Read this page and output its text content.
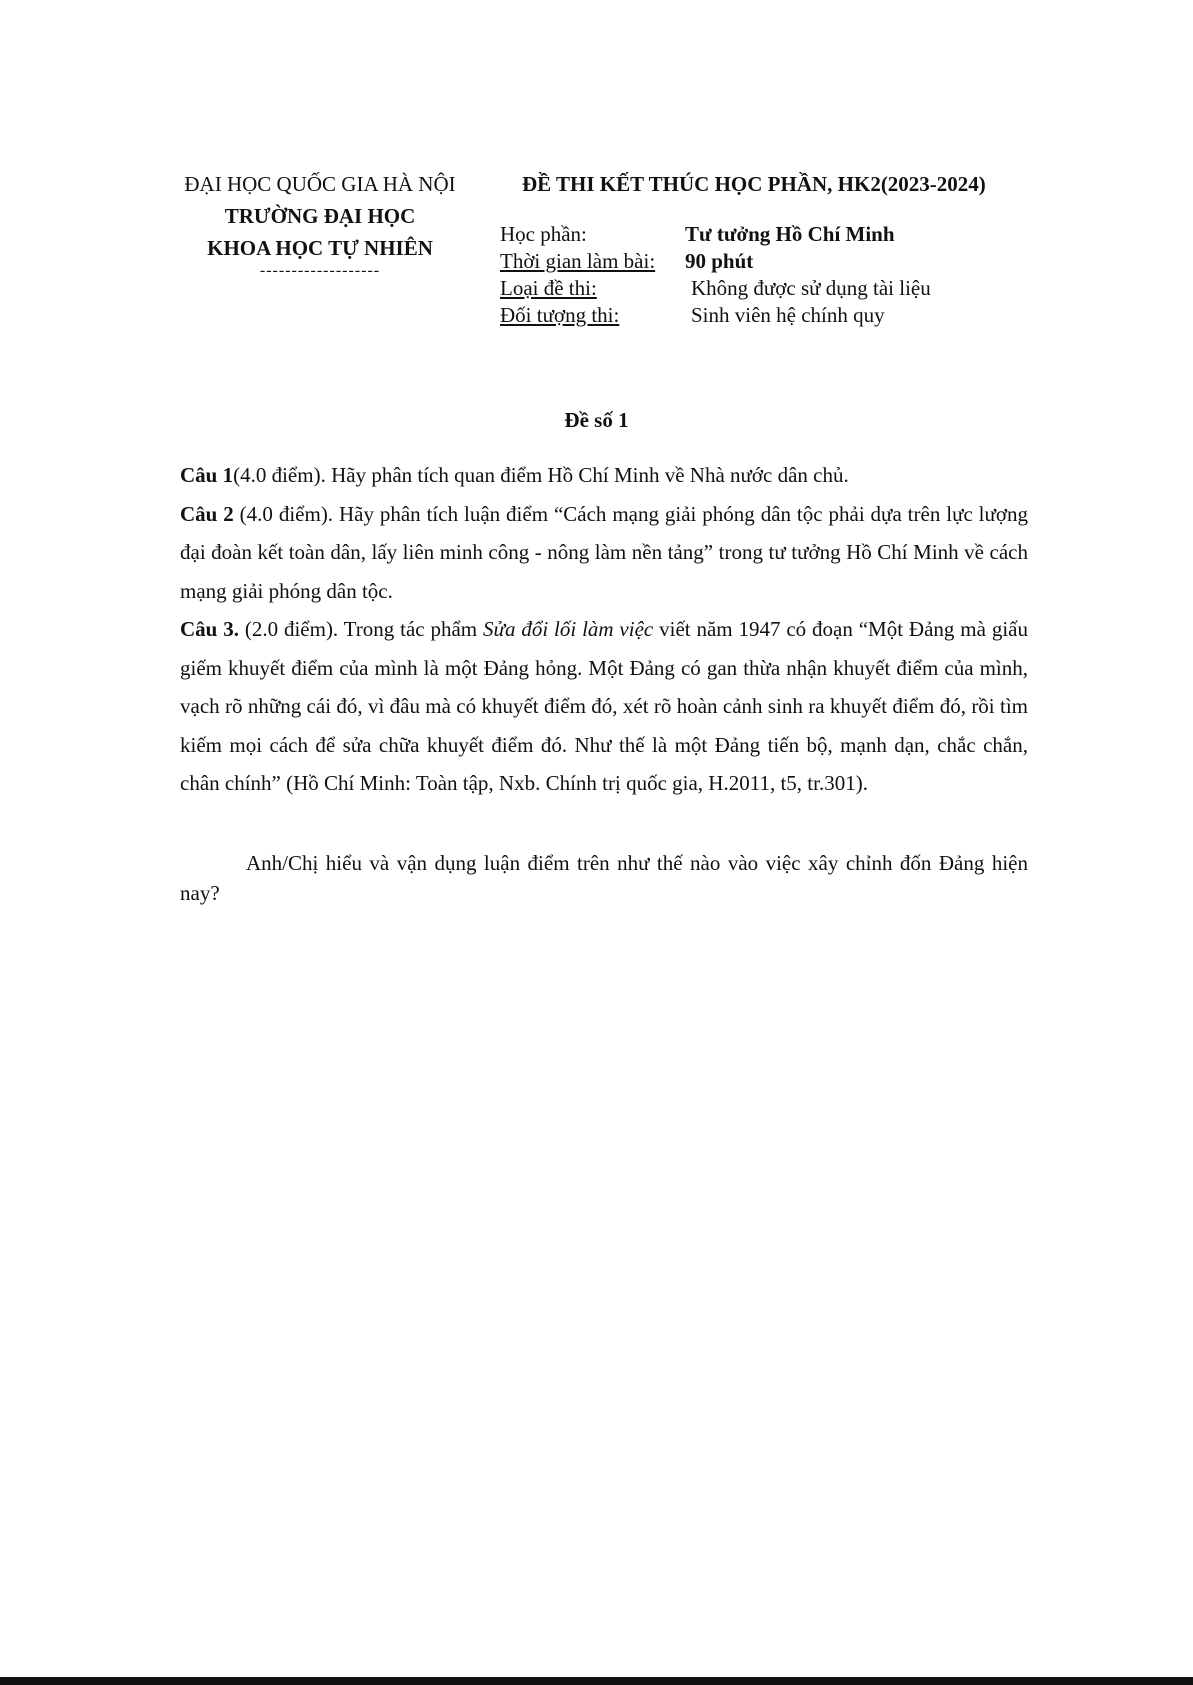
ĐẠI HỌC QUỐC GIA HÀ NỘI
TRƯỜNG ĐẠI HỌC
KHOA HỌC TỰ NHIÊN
-------------------
ĐỀ THI KẾT THÚC HỌC PHẦN, HK2(2023-2024)
Học phần:	Tư tưởng Hồ Chí Minh
Thời gian làm bài: 90 phút
Loại đề thi:	Không được sử dụng tài liệu
Đối tượng thi:	Sinh viên hệ chính quy
Đề số 1

Câu 1(4.0 điểm). Hãy phân tích quan điểm Hồ Chí Minh về Nhà nước dân chủ.

Câu 2 (4.0 điểm). Hãy phân tích luận điểm “Cách mạng giải phóng dân tộc phải dựa trên lực lượng đại đoàn kết toàn dân, lấy liên minh công - nông làm nền tảng” trong tư tưởng Hồ Chí Minh về cách mạng giải phóng dân tộc.

Câu 3. (2.0 điểm). Trong tác phẩm Sửa đổi lối làm việc viết năm 1947 có đoạn “Một Đảng mà giấu giếm khuyết điểm của mình là một Đảng hỏng. Một Đảng có gan thừa nhận khuyết điểm của mình, vạch rõ những cái đó, vì đâu mà có khuyết điểm đó, xét rõ hoàn cảnh sinh ra khuyết điểm đó, rồi tìm kiếm mọi cách để sửa chữa khuyết điểm đó. Như thế là một Đảng tiến bộ, mạnh dạn, chắc chắn, chân chính” (Hồ Chí Minh: Toàn tập, Nxb. Chính trị quốc gia, H.2011, t5, tr.301).

Anh/Chị hiểu và vận dụng luận điểm trên như thế nào vào việc xây chỉnh đốn Đảng hiện nay?
